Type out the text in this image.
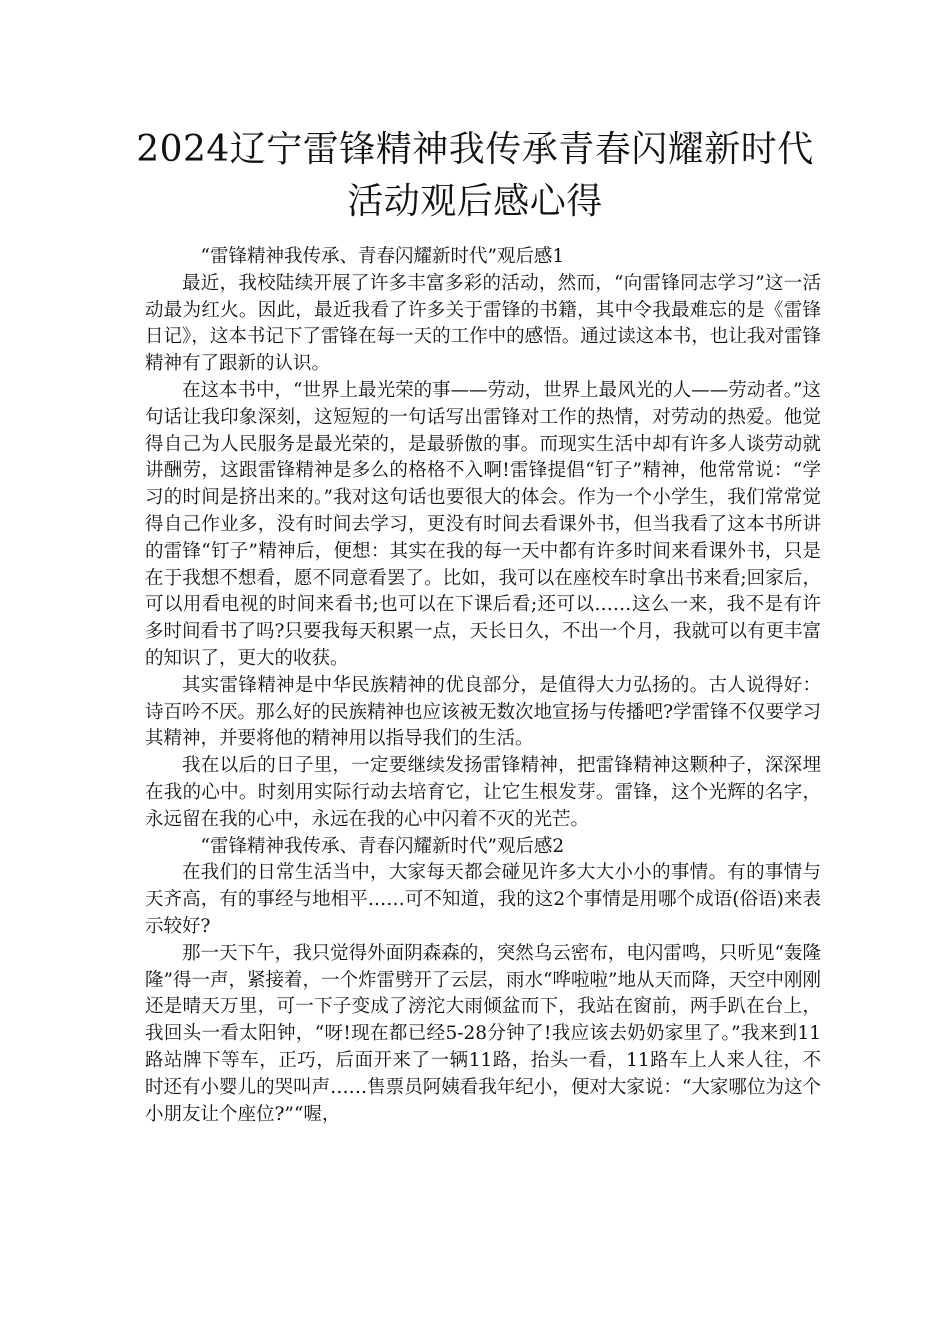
2024辽宁雷锋精神我传承青春闪耀新时代
活动观后感心得

“雷锋精神我传承、青春闪耀新时代”观后感1

最近，我校陆续开展了许多丰富多彩的活动，然而，“向雷锋同志学习”这一活动最为红火。因此，最近我看了许多关于雷锋的书籍，其中令我最难忘的是《雷锋日记》，这本书记下了雷锋在每一天的工作中的感悟。通过读这本书，也让我对雷锋精神有了跟新的认识。

在这本书中，“世界上最光荣的事——劳动，世界上最风光的人——劳动者。”这句话让我印象深刻，这短短的一句话写出雷锋对工作的热情，对劳动的热爱。他觉得自己为人民服务是最光荣的，是最骄傲的事。而现实生活中却有许多人谈劳动就讲酬劳，这跟雷锋精神是多么的格格不入啊!雷锋提倡“钉子”精神，他常常说：“学习的时间是挤出来的。”我对这句话也要很大的体会。作为一个小学生，我们常常觉得自己作业多，没有时间去学习，更没有时间去看课外书，但当我看了这本书所讲的雷锋“钉子”精神后，便想：其实在我的每一天中都有许多时间来看课外书，只是在于我想不想看，愿不同意看罢了。比如，我可以在座校车时拿出书来看;回家后，可以用看电视的时间来看书;也可以在下课后看;还可以……这么一来，我不是有许多时间看书了吗?只要我每天积累一点，天长日久，不出一个月，我就可以有更丰富的知识了，更大的收获。

其实雷锋精神是中华民族精神的优良部分，是值得大力弘扬的。古人说得好：诗百吟不厌。那么好的民族精神也应该被无数次地宣扬与传播吧?学雷锋不仅要学习其精神，并要将他的精神用以指导我们的生活。

我在以后的日子里，一定要继续发扬雷锋精神，把雷锋精神这颗种子，深深埋在我的心中。时刻用实际行动去培育它，让它生根发芽。雷锋，这个光辉的名字，永远留在我的心中，永远在我的心中闪着不灭的光芒。

“雷锋精神我传承、青春闪耀新时代”观后感2

在我们的日常生活当中，大家每天都会碰见许多大大小小的事情。有的事情与天齐高，有的事经与地相平……可不知道，我的这2个事情是用哪个成语(俗语)来表示较好?

那一天下午，我只觉得外面阴森森的，突然乌云密布，电闪雷鸣，只听见“轰隆隆”得一声，紧接着，一个炸雷劈开了云层，雨水“哗啦啦”地从天而降，天空中刚刚还是晴天万里，可一下子变成了滂沱大雨倾盆而下，我站在窗前，两手趴在台上，我回头一看太阳钟，“呀!现在都已经5-28分钟了!我应该去奶奶家里了。”我来到11路站牌下等车，正巧，后面开来了一辆11路，抬头一看，11路车上人来人往，不时还有小婴儿的哭叫声……售票员阿姨看我年纪小，便对大家说：“大家哪位为这个小朋友让个座位?”“喔，
